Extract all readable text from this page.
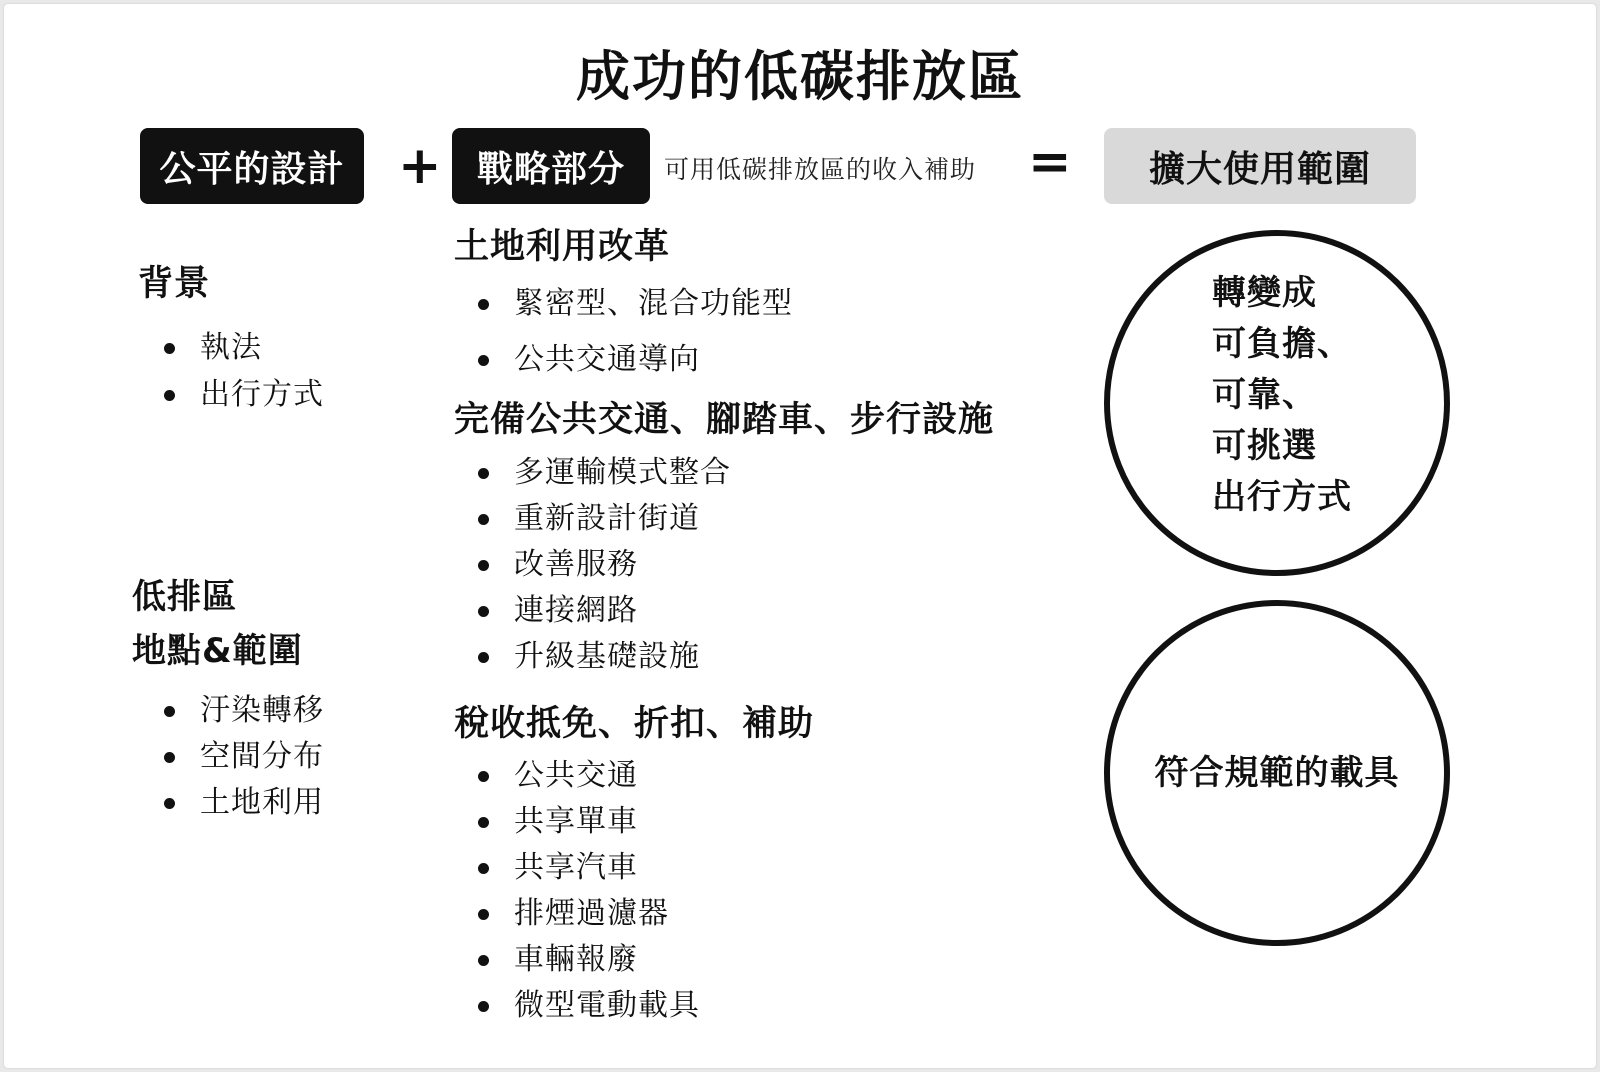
成功的低碳排放區
公平的設計	+ 戰略部分	可用低碳排放區的收入補助 =	擴大使用範圍
背景
執法
出行方式
低排區
地點&範圍
汙染轉移
空間分布
土地利用
土地利用改革
緊密型、混合功能型
公共交通導向
完備公共交通、腳踏車、步行設施
多運輸模式整合
重新設計街道
改善服務
連接網路
升級基礎設施
稅收抵免、折扣、補助
公共交通
共享單車
共享汽車
排煙過濾器
車輛報廢
微型電動載具
轉變成
可負擔、
可靠、
可挑選
出行方式
符合規範的載具
